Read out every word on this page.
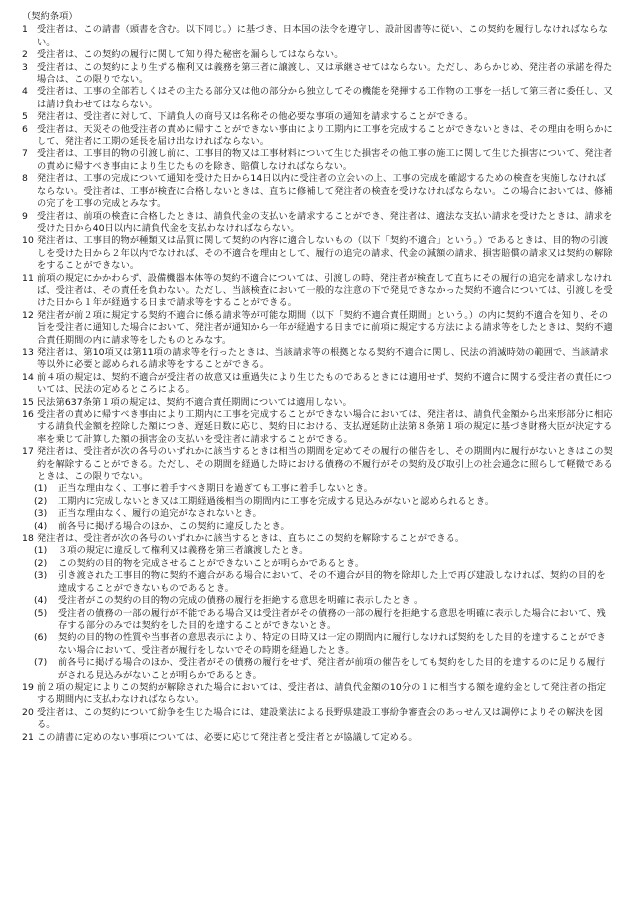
（契約条項）
1 受注者は、この請書（頭書を含む。以下同じ。）に基づき、日本国の法令を遵守し、設計図書等に従い、この契約を履行しなければならない。
2 受注者は、この契約の履行に関して知り得た秘密を漏らしてはならない。
3 受注者は、この契約により生ずる権利又は義務を第三者に譲渡し、又は承継させてはならない。ただし、あらかじめ、発注者の承諾を得た場合は、この限りでない。
4 受注者は、工事の全部若しくはその主たる部分又は他の部分から独立してその機能を発揮する工作物の工事を一括して第三者に委任し、又は請け負わせてはならない。
5 発注者は、受注者に対して、下請負人の商号又は名称その他必要な事項の通知を請求することができる。
6 受注者は、天災その他受注者の責めに帰すことができない事由により工期内に工事を完成することができないときは、その理由を明らかにして、発注者に工期の延長を届け出なければならない。
7 受注者は、工事目的物の引渡し前に、工事目的物又は工事材料について生じた損害その他工事の施工に関して生じた損害について、発注者の責めに帰すべき事由により生じたものを除き、賠償しなければならない。
8 発注者は、工事の完成について通知を受けた日から14日以内に受注者の立会いの上、工事の完成を確認するための検査を実施しなければならない。受注者は、工事が検査に合格しないときは、直ちに修補して発注者の検査を受けなければならない。この場合においては、修補の完了を工事の完成とみなす。
9 受注者は、前項の検査に合格したときは、請負代金の支払いを請求することができ、発注者は、適法な支払い請求を受けたときは、請求を受けた日から40日以内に請負代金を支払わなければならない。
10 発注者は、工事目的物が種類又は品質に関して契約の内容に適合しないもの（以下「契約不適合」という。）であるときは、目的物の引渡しを受けた日から２年以内でなければ、その不適合を理由として、履行の追完の請求、代金の減額の請求、損害賠償の請求又は契約の解除をすることができない。
11 前項の規定にかかわらず、設備機器本体等の契約不適合については、引渡しの時、発注者が検査して直ちにその履行の追完を請求しなければ、受注者は、その責任を負わない。ただし、当該検査において一般的な注意の下で発見できなかった契約不適合については、引渡しを受けた日から１年が経過する日まで請求等をすることができる。
12 発注者が前２項に規定する契約不適合に係る請求等が可能な期間（以下「契約不適合責任期間」という。）の内に契約不適合を知り、その旨を受注者に通知した場合において、発注者が通知から一年が経過する日までに前項に規定する方法による請求等をしたときは、契約不適合責任期間の内に請求等をしたものとみなす。
13 発注者は、第10項又は第11項の請求等を行ったときは、当該請求等の根拠となる契約不適合に関し、民法の消滅時効の範囲で、当該請求等以外に必要と認められる請求等をすることができる。
14 前４項の規定は、契約不適合が受注者の故意又は重過失により生じたものであるときには適用せず、契約不適合に関する受注者の責任については、民法の定めるところによる。
15 民法第637条第１項の規定は、契約不適合責任期間については適用しない。
16 受注者の責めに帰すべき事由により工期内に工事を完成することができない場合においては、発注者は、請負代金額から出来形部分に相応する請負代金額を控除した額につき、遅延日数に応じ、契約日における、支払遅延防止法第８条第１項の規定に基づき財務大臣が決定する率を乗じて計算した額の損害金の支払いを受注者に請求することができる。
17 発注者は、受注者が次の各号のいずれかに該当するときは相当の期間を定めてその履行の催告をし、その期間内に履行がないときはこの契約を解除することができる。ただし、その期間を経過した時における債務の不履行がその契約及び取引上の社会通念に照らして軽微であるときは、この限りでない。
(1) 正当な理由なく、工事に着手すべき期日を過ぎても工事に着手しないとき。
(2) 工期内に完成しないとき又は工期経過後相当の期間内に工事を完成する見込みがないと認められるとき。
(3) 正当な理由なく、履行の追完がなされないとき。
(4) 前各号に掲げる場合のほか、この契約に違反したとき。
18 発注者は、受注者が次の各号のいずれかに該当するときは、直ちにこの契約を解除することができる。
(1) ３項の規定に違反して権利又は義務を第三者譲渡したとき。
(2) この契約の目的物を完成させることができないことが明らかであるとき。
(3) 引き渡された工事目的物に契約不適合がある場合において、その不適合が目的物を除却した上で再び建設しなければ、契約の目的を達成することができないものであるとき。
(4) 受注者がこの契約の目的物の完成の債務の履行を拒絶する意思を明確に表示したとき 。
(5) 受注者の債務の一部の履行が不能である場合又は受注者がその債務の一部の履行を拒絶する意思を明確に表示した場合において、残存する部分のみでは契約をした目的を達することができないとき。
(6) 契約の目的物の性質や当事者の意思表示により、特定の日時又は一定の期間内に履行しなければ契約をした目的を達することができない場合において、受注者が履行をしないでその時期を経過したとき。
(7) 前各号に掲げる場合のほか、受注者がその債務の履行をせず、発注者が前項の催告をしても契約をした目的を達するのに足りる履行がされる見込みがないことが明らかであるとき。
19 前２項の規定によりこの契約が解除された場合においては、受注者は、請負代金額の10分の１に相当する額を違約金として発注者の指定する期間内に支払わなければならない。
20 受注者は、この契約について紛争を生じた場合には、建設業法による長野県建設工事紛争審査会のあっせん又は調停によりその解決を図る。
21 この請書に定めのない事項については、必要に応じて発注者と受注者とが協議して定める。
